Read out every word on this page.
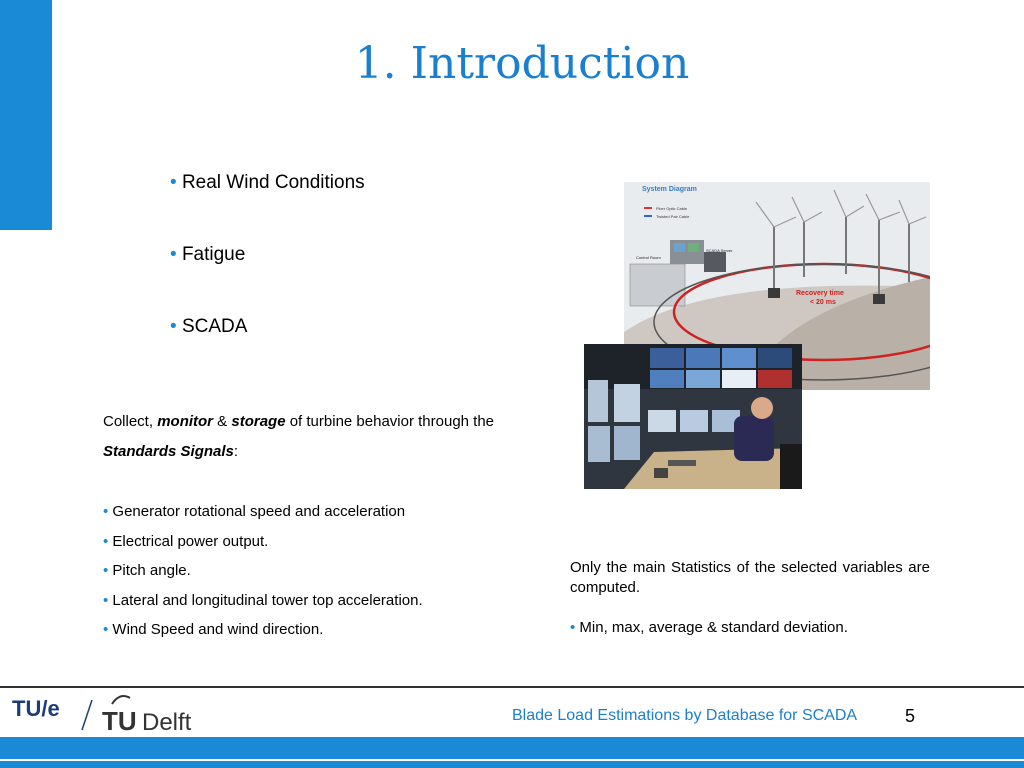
1. Introduction
• Real Wind Conditions
• Fatigue
• SCADA

Collect, monitor & storage of turbine behavior through the Standards Signals:

• Generator rotational speed and acceleration
• Electrical power output.
• Pitch angle.
• Lateral and longitudinal tower top acceleration.
• Wind Speed and wind direction.

Only the main Statistics of the selected variables are computed.

• Min, max, average & standard deviation.

System Diagram
Fiber Optic Cable
Twisted Pair Cable
Control Room
SCADA Server
Recovery time
< 20 ms
TU/e TU Delft	Blade Load Estimations by Database for SCADA	5
